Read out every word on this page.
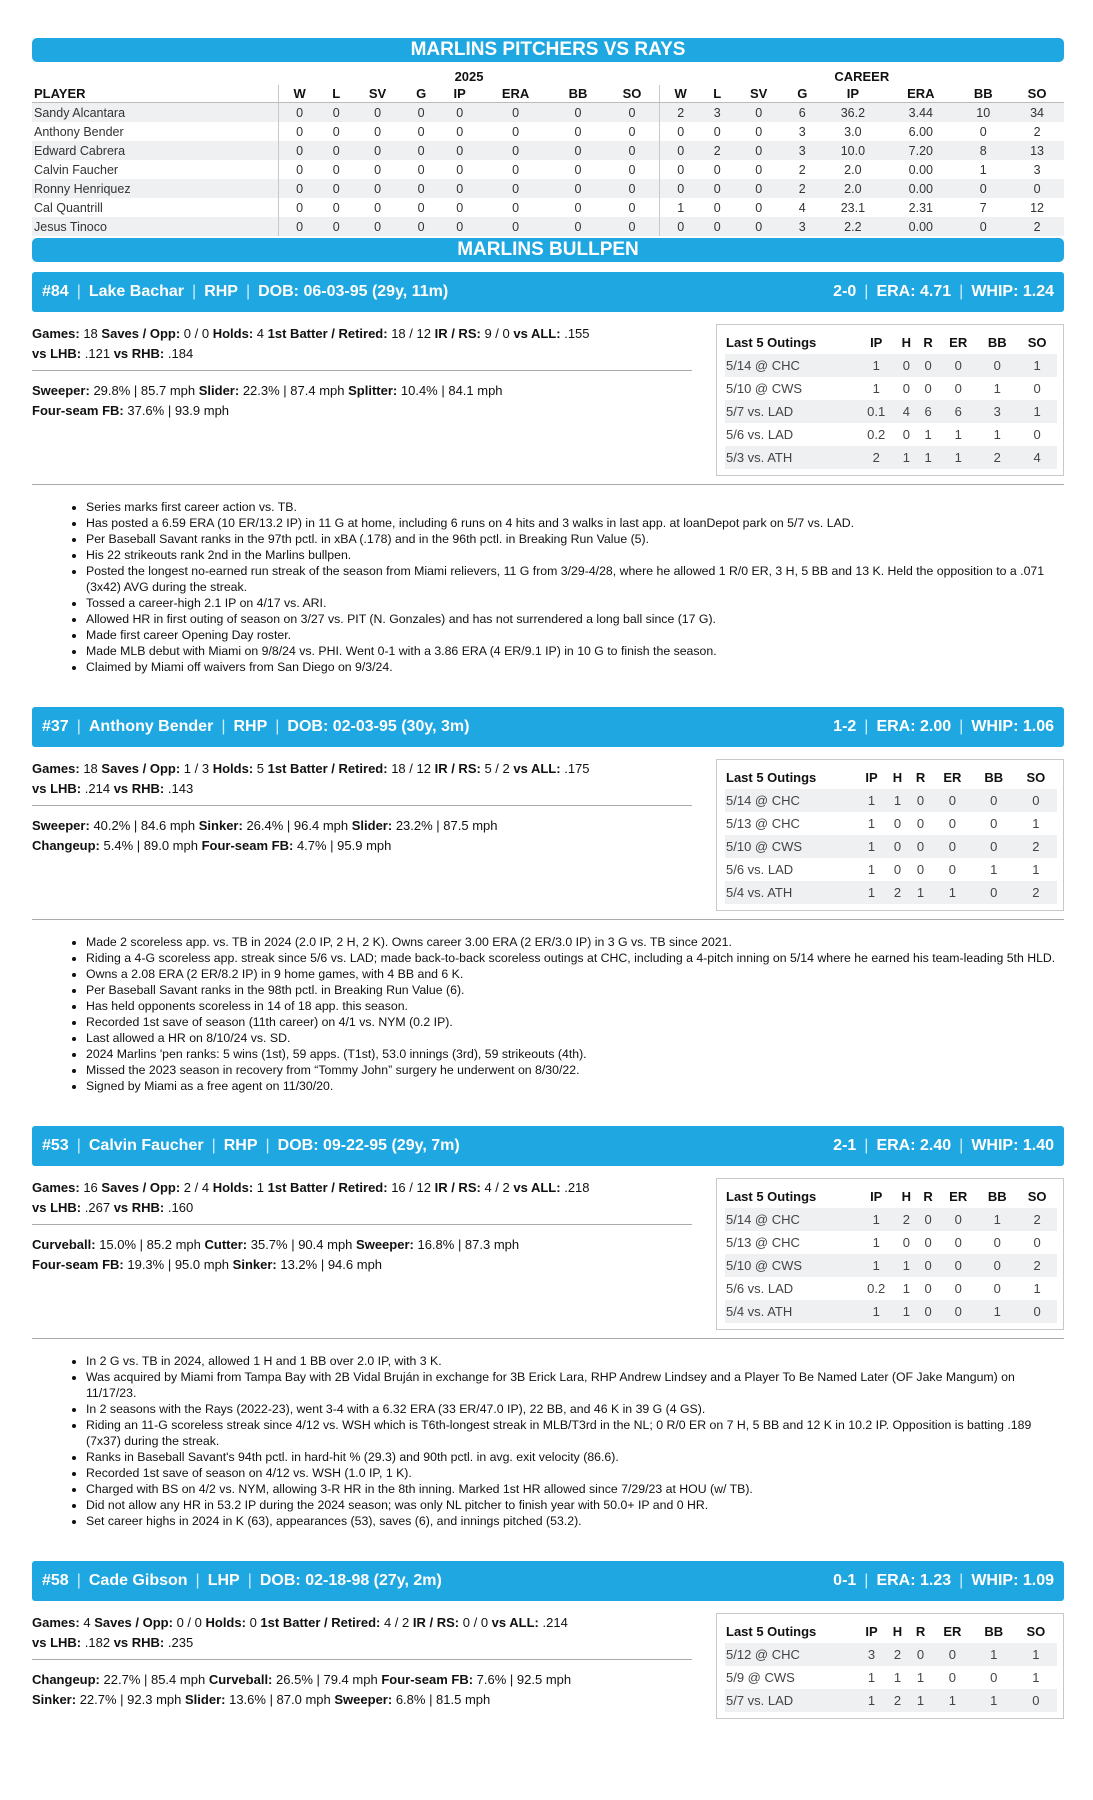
MARLINS PITCHERS VS RAYS
	2025								CAREER							
PLAYER	W	L	SV	G	IP	ERA	BB	SO	W	L	SV	G	IP	ERA	BB	SO
Sandy Alcantara	0	0	0	0	0	0	0	0	2	3	0	6	36.2	3.44	10	34
Anthony Bender	0	0	0	0	0	0	0	0	0	0	0	3	3.0	6.00	0	2
Edward Cabrera	0	0	0	0	0	0	0	0	0	2	0	3	10.0	7.20	8	13
Calvin Faucher	0	0	0	0	0	0	0	0	0	0	0	2	2.0	0.00	1	3
Ronny Henriquez	0	0	0	0	0	0	0	0	0	0	0	2	2.0	0.00	0	0
Cal Quantrill	0	0	0	0	0	0	0	0	1	0	0	4	23.1	2.31	7	12
Jesus Tinoco	0	0	0	0	0	0	0	0	0	0	0	3	2.2	0.00	0	2
MARLINS BULLPEN
#84 | Lake Bachar | RHP | DOB: 06-03-95 (29y, 11m)	2-0 | ERA: 4.71 | WHIP: 1.24
Games: 18 Saves / Opp: 0 / 0 Holds: 4 1st Batter / Retired: 18 / 12 IR / RS: 9 / 0 vs ALL: .155
vs LHB: .121 vs RHB: .184
Sweeper: 29.8% | 85.7 mph Slider: 22.3% | 87.4 mph Splitter: 10.4% | 84.1 mph
Four-seam FB: 37.6% | 93.9 mph
Last 5 Outings	IP	H	R	ER	BB	SO
5/14 @ CHC	1	0	0	0	0	1
5/10 @ CWS	1	0	0	0	1	0
5/7 vs. LAD	0.1	4	6	6	3	1
5/6 vs. LAD	0.2	0	1	1	1	0
5/3 vs. ATH	2	1	1	1	2	4
• Series marks first career action vs. TB.
• Has posted a 6.59 ERA (10 ER/13.2 IP) in 11 G at home, including 6 runs on 4 hits and 3 walks in last app. at loanDepot park on 5/7 vs. LAD.
• Per Baseball Savant ranks in the 97th pctl. in xBA (.178) and in the 96th pctl. in Breaking Run Value (5).
• His 22 strikeouts rank 2nd in the Marlins bullpen.
• Posted the longest no-earned run streak of the season from Miami relievers, 11 G from 3/29-4/28, where he allowed 1 R/0 ER, 3 H, 5 BB and 13 K. Held the opposition to a .071 (3x42) AVG during the streak.
• Tossed a career-high 2.1 IP on 4/17 vs. ARI.
• Allowed HR in first outing of season on 3/27 vs. PIT (N. Gonzales) and has not surrendered a long ball since (17 G).
• Made first career Opening Day roster.
• Made MLB debut with Miami on 9/8/24 vs. PHI. Went 0-1 with a 3.86 ERA (4 ER/9.1 IP) in 10 G to finish the season.
• Claimed by Miami off waivers from San Diego on 9/3/24.
#37 | Anthony Bender | RHP | DOB: 02-03-95 (30y, 3m)	1-2 | ERA: 2.00 | WHIP: 1.06
Games: 18 Saves / Opp: 1 / 3 Holds: 5 1st Batter / Retired: 18 / 12 IR / RS: 5 / 2 vs ALL: .175
vs LHB: .214 vs RHB: .143
Sweeper: 40.2% | 84.6 mph Sinker: 26.4% | 96.4 mph Slider: 23.2% | 87.5 mph
Changeup: 5.4% | 89.0 mph Four-seam FB: 4.7% | 95.9 mph
Last 5 Outings	IP	H	R	ER	BB	SO
5/14 @ CHC	1	1	0	0	0	0
5/13 @ CHC	1	0	0	0	0	1
5/10 @ CWS	1	0	0	0	0	2
5/6 vs. LAD	1	0	0	0	1	1
5/4 vs. ATH	1	2	1	1	0	2
• Made 2 scoreless app. vs. TB in 2024 (2.0 IP, 2 H, 2 K). Owns career 3.00 ERA (2 ER/3.0 IP) in 3 G vs. TB since 2021.
• Riding a 4-G scoreless app. streak since 5/6 vs. LAD; made back-to-back scoreless outings at CHC, including a 4-pitch inning on 5/14 where he earned his team-leading 5th HLD.
• Owns a 2.08 ERA (2 ER/8.2 IP) in 9 home games, with 4 BB and 6 K.
• Per Baseball Savant ranks in the 98th pctl. in Breaking Run Value (6).
• Has held opponents scoreless in 14 of 18 app. this season.
• Recorded 1st save of season (11th career) on 4/1 vs. NYM (0.2 IP).
• Last allowed a HR on 8/10/24 vs. SD.
• 2024 Marlins 'pen ranks: 5 wins (1st), 59 apps. (T1st), 53.0 innings (3rd), 59 strikeouts (4th).
• Missed the 2023 season in recovery from “Tommy John” surgery he underwent on 8/30/22.
• Signed by Miami as a free agent on 11/30/20.
#53 | Calvin Faucher | RHP | DOB: 09-22-95 (29y, 7m)	2-1 | ERA: 2.40 | WHIP: 1.40
Games: 16 Saves / Opp: 2 / 4 Holds: 1 1st Batter / Retired: 16 / 12 IR / RS: 4 / 2 vs ALL: .218
vs LHB: .267 vs RHB: .160
Curveball: 15.0% | 85.2 mph Cutter: 35.7% | 90.4 mph Sweeper: 16.8% | 87.3 mph
Four-seam FB: 19.3% | 95.0 mph Sinker: 13.2% | 94.6 mph
Last 5 Outings	IP	H	R	ER	BB	SO
5/14 @ CHC	1	2	0	0	1	2
5/13 @ CHC	1	0	0	0	0	0
5/10 @ CWS	1	1	0	0	0	2
5/6 vs. LAD	0.2	1	0	0	0	1
5/4 vs. ATH	1	1	0	0	1	0
• In 2 G vs. TB in 2024, allowed 1 H and 1 BB over 2.0 IP, with 3 K.
• Was acquired by Miami from Tampa Bay with 2B Vidal Bruján in exchange for 3B Erick Lara, RHP Andrew Lindsey and a Player To Be Named Later (OF Jake Mangum) on 11/17/23.
• In 2 seasons with the Rays (2022-23), went 3-4 with a 6.32 ERA (33 ER/47.0 IP), 22 BB, and 46 K in 39 G (4 GS).
• Riding an 11-G scoreless streak since 4/12 vs. WSH which is T6th-longest streak in MLB/T3rd in the NL; 0 R/0 ER on 7 H, 5 BB and 12 K in 10.2 IP. Opposition is batting .189 (7x37) during the streak.
• Ranks in Baseball Savant's 94th pctl. in hard-hit % (29.3) and 90th pctl. in avg. exit velocity (86.6).
• Recorded 1st save of season on 4/12 vs. WSH (1.0 IP, 1 K).
• Charged with BS on 4/2 vs. NYM, allowing 3-R HR in the 8th inning. Marked 1st HR allowed since 7/29/23 at HOU (w/ TB).
• Did not allow any HR in 53.2 IP during the 2024 season; was only NL pitcher to finish year with 50.0+ IP and 0 HR.
• Set career highs in 2024 in K (63), appearances (53), saves (6), and innings pitched (53.2).
#58 | Cade Gibson | LHP | DOB: 02-18-98 (27y, 2m)	0-1 | ERA: 1.23 | WHIP: 1.09
Games: 4 Saves / Opp: 0 / 0 Holds: 0 1st Batter / Retired: 4 / 2 IR / RS: 0 / 0 vs ALL: .214
vs LHB: .182 vs RHB: .235
Changeup: 22.7% | 85.4 mph Curveball: 26.5% | 79.4 mph Four-seam FB: 7.6% | 92.5 mph
Sinker: 22.7% | 92.3 mph Slider: 13.6% | 87.0 mph Sweeper: 6.8% | 81.5 mph
Last 5 Outings	IP	H	R	ER	BB	SO
5/12 @ CHC	3	2	0	0	1	1
5/9 @ CWS	1	1	1	0	0	1
5/7 vs. LAD	1	2	1	1	1	0
